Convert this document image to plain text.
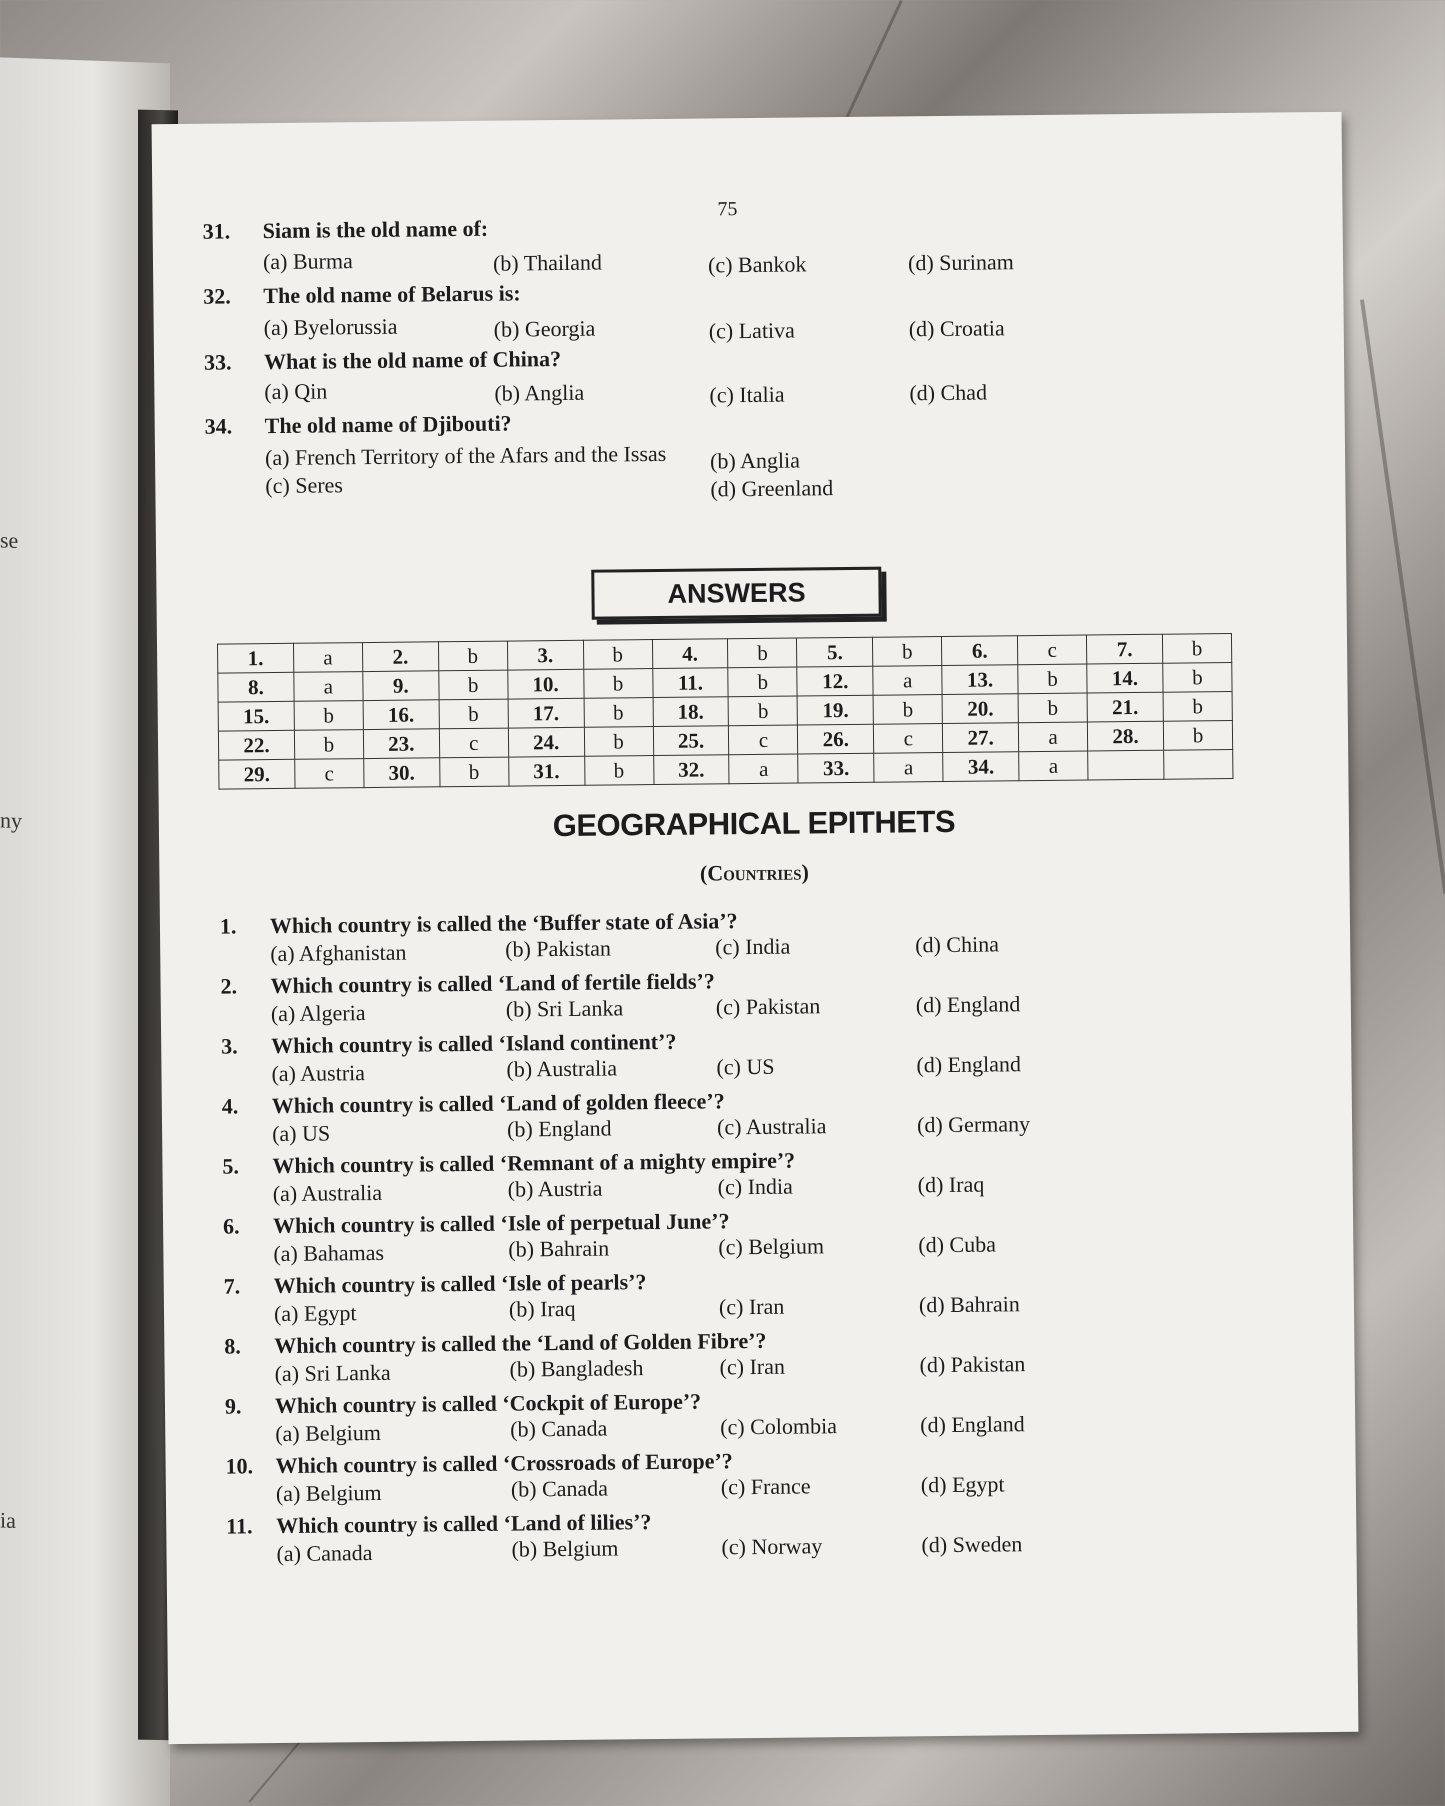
se
ny
ia
75
31.	Siam is the old name of:
(a) Burma	(b) Thailand	(c) Bankok	(d) Surinam
32.	The old name of Belarus is:
(a) Byelorussia	(b) Georgia	(c) Lativa	(d) Croatia
33.	What is the old name of China?
(a) Qin	(b) Anglia	(c) Italia	(d) Chad
34.	The old name of Djibouti?
(a) French Territory of the Afars and the Issas (b) Anglia
(c) Seres	(d) Greenland
ANSWERS
1.	a	2.	b	3.	b	4.	b	5.	b	6.	c	7.	b
8.	a	9.	b	10.	b	11.	b	12.	a	13.	b	14.	b
15.	b	16.	b	17.	b	18.	b	19.	b	20.	b	21.	b
22.	b	23.	c	24.	b	25.	c	26.	c	27.	a	28.	b
29.	c	30.	b	31.	b	32.	a	33.	a	34.	a		
GEOGRAPHICAL EPITHETS
(Countries)
1.	Which country is called the ‘Buffer state of Asia’?
(a) Afghanistan	(b) Pakistan	(c) India	(d) China
2.	Which country is called ‘Land of fertile fields’?
(a) Algeria	(b) Sri Lanka	(c) Pakistan	(d) England
3.	Which country is called ‘Island continent’?
(a) Austria	(b) Australia	(c) US	(d) England
4.	Which country is called ‘Land of golden fleece’?
(a) US	(b) England	(c) Australia	(d) Germany
5.	Which country is called ‘Remnant of a mighty empire’?
(a) Australia	(b) Austria	(c) India	(d) Iraq
6.	Which country is called ‘Isle of perpetual June’?
(a) Bahamas	(b) Bahrain	(c) Belgium	(d) Cuba
7.	Which country is called ‘Isle of pearls’?
(a) Egypt	(b) Iraq	(c) Iran	(d) Bahrain
8.	Which country is called the ‘Land of Golden Fibre’?
(a) Sri Lanka	(b) Bangladesh	(c) Iran	(d) Pakistan
9.	Which country is called ‘Cockpit of Europe’?
(a) Belgium	(b) Canada	(c) Colombia	(d) England
10.	Which country is called ‘Crossroads of Europe’?
(a) Belgium	(b) Canada	(c) France	(d) Egypt
11.	Which country is called ‘Land of lilies’?
(a) Canada	(b) Belgium	(c) Norway	(d) Sweden
